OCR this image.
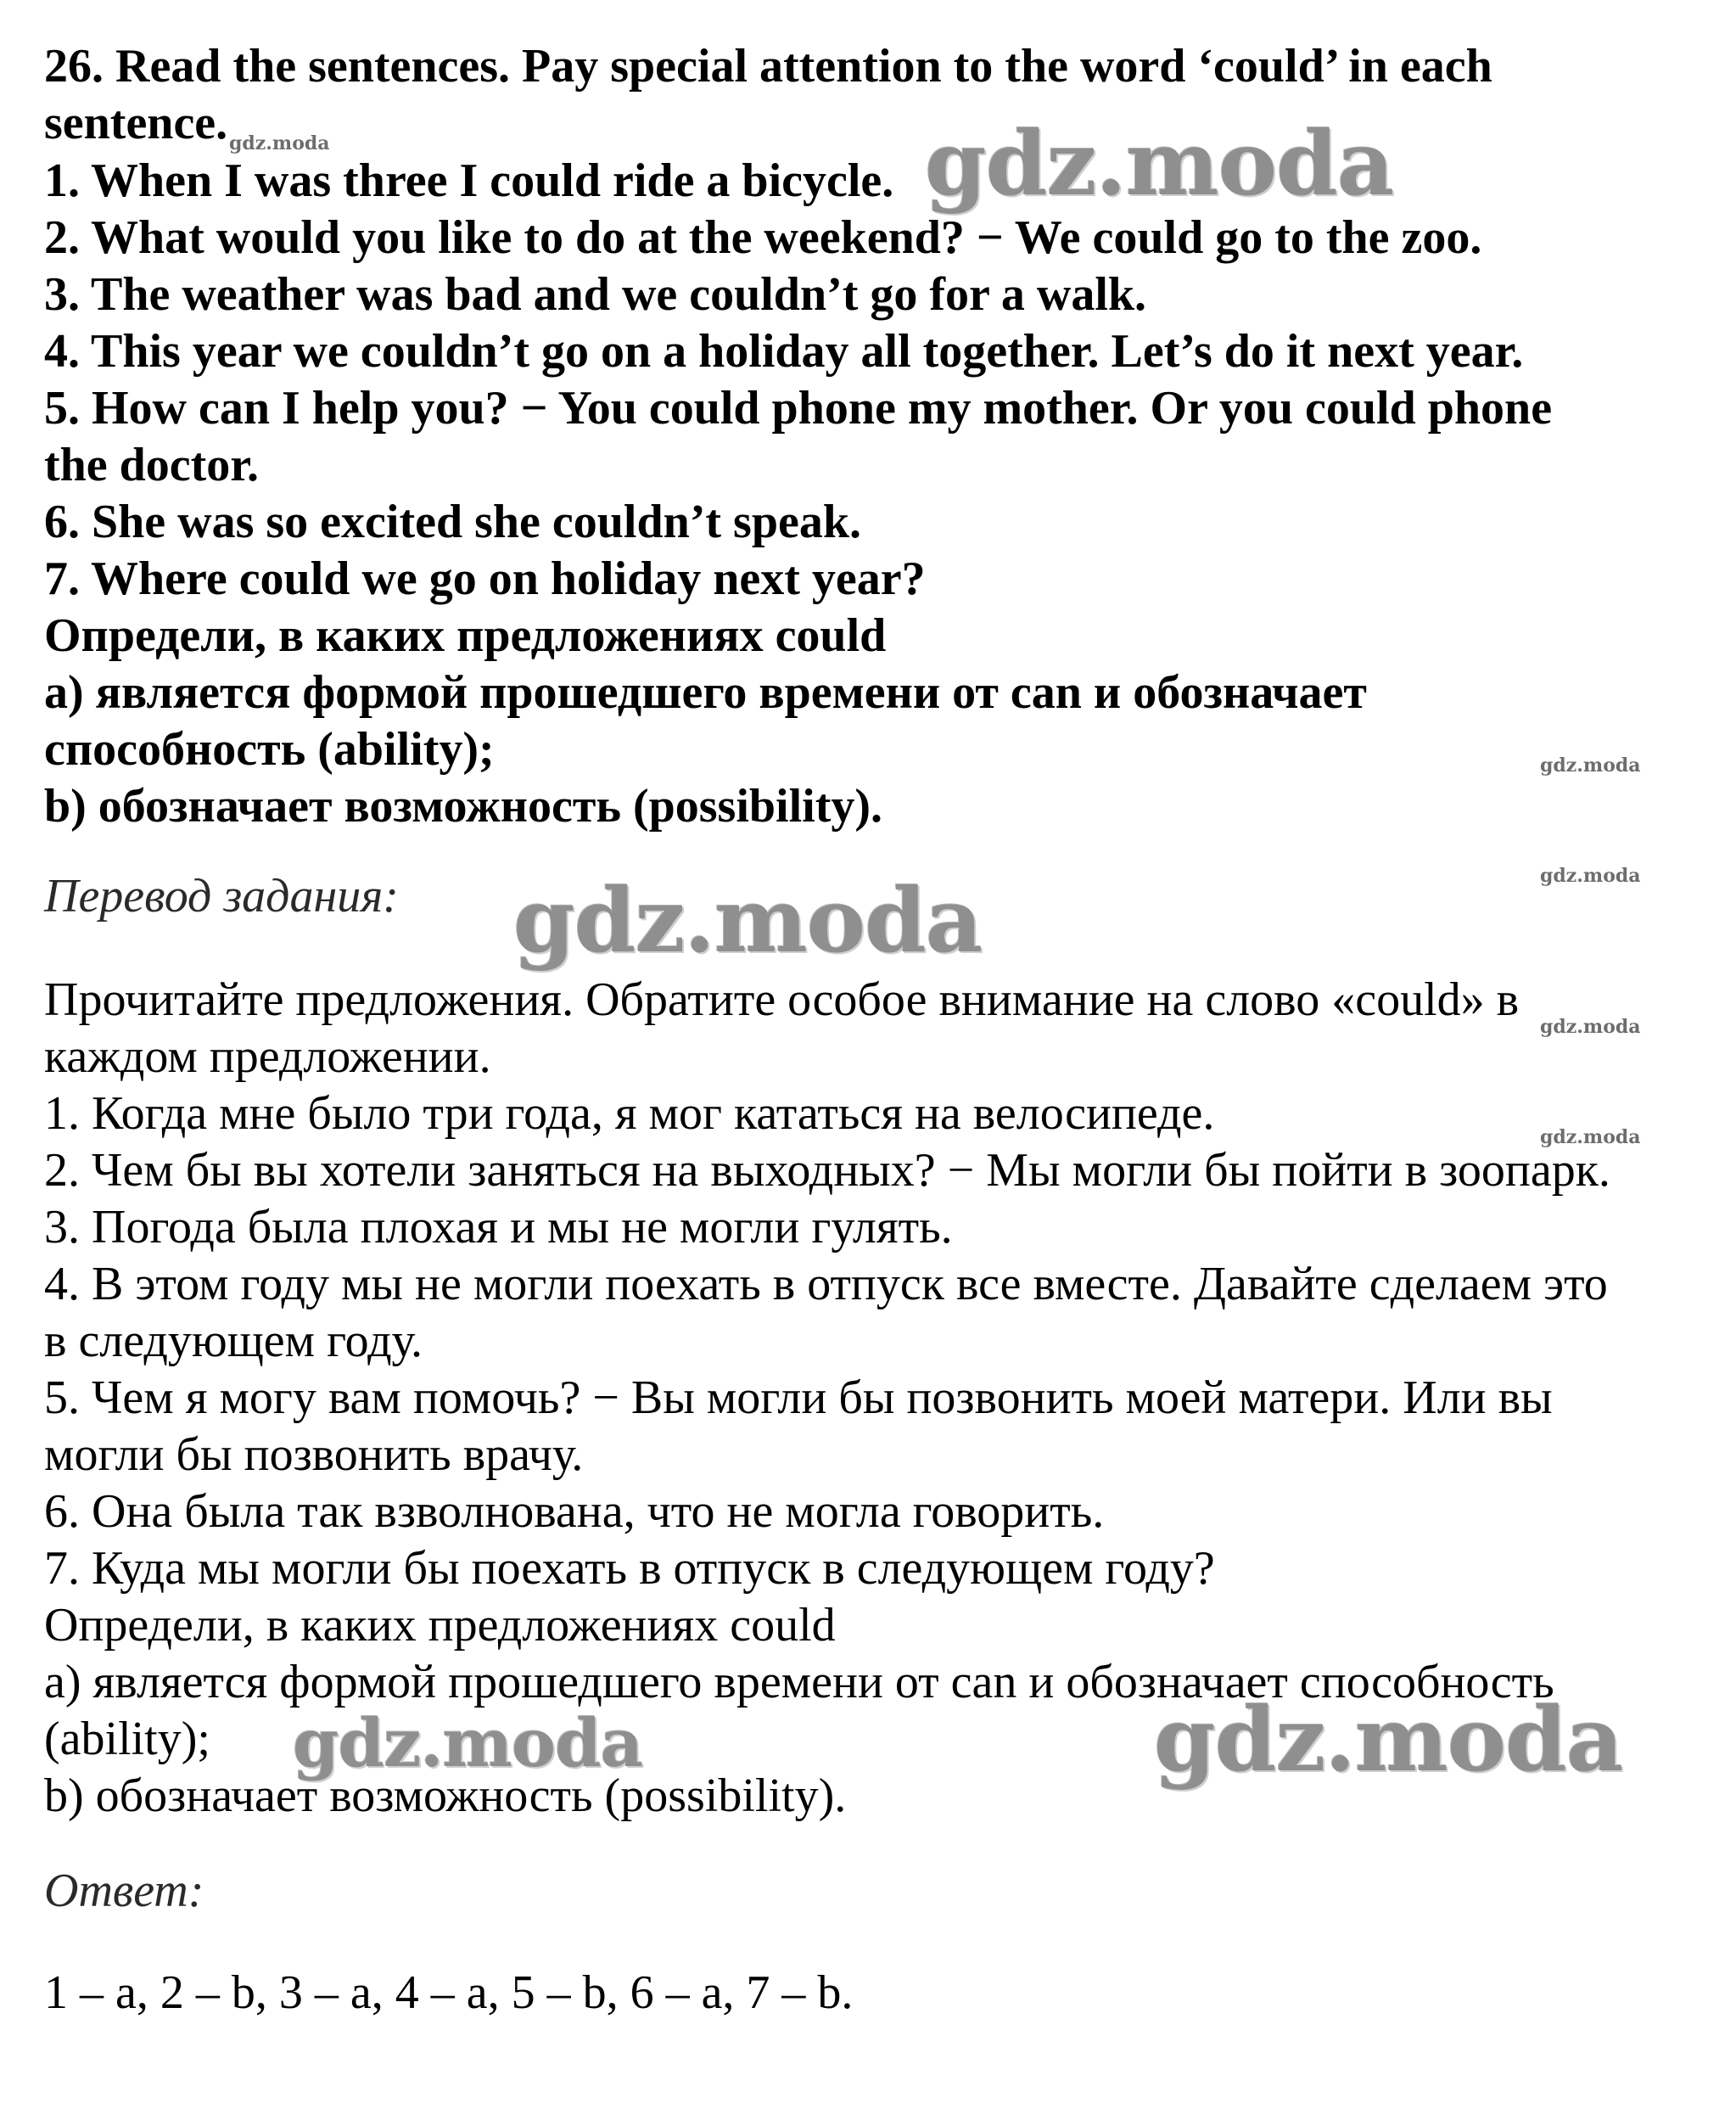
26. Read the sentences. Pay special attention to the word ‘could’ in each
sentence.
1. When I was three I could ride a bicycle.
2. What would you like to do at the weekend? − We could go to the zoo.
3. The weather was bad and we couldn’t go for a walk.
4. This year we couldn’t go on a holiday all together. Let’s do it next year.
5. How can I help you? − You could phone my mother. Or you could phone
the doctor.
6. She was so excited she couldn’t speak.
7. Where could we go on holiday next year?
Определи, в каких предложениях could
a) является формой прошедшего времени от can и обозначает
способность (ability);
b) обозначает возможность (possibility).
Перевод задания:
Прочитайте предложения. Обратите особое внимание на слово «could» в
каждом предложении.
1. Когда мне было три года, я мог кататься на велосипеде.
2. Чем бы вы хотели заняться на выходных? − Мы могли бы пойти в зоопарк.
3. Погода была плохая и мы не могли гулять.
4. В этом году мы не могли поехать в отпуск все вместе. Давайте сделаем это
в следующем году.
5. Чем я могу вам помочь? − Вы могли бы позвонить моей матери. Или вы
могли бы позвонить врачу.
6. Она была так взволнована, что не могла говорить.
7. Куда мы могли бы поехать в отпуск в следующем году?
Определи, в каких предложениях could
a) является формой прошедшего времени от can и обозначает способность
(ability);
b) обозначает возможность (possibility).
Ответ:
1 – a, 2 – b, 3 – a, 4 – a, 5 – b, 6 – a, 7 – b.
gdz.moda	gdz.moda
gdz.moda
gdz.moda
gdz.moda
gdz.moda
gdz.moda
gdz.moda	gdz.moda
